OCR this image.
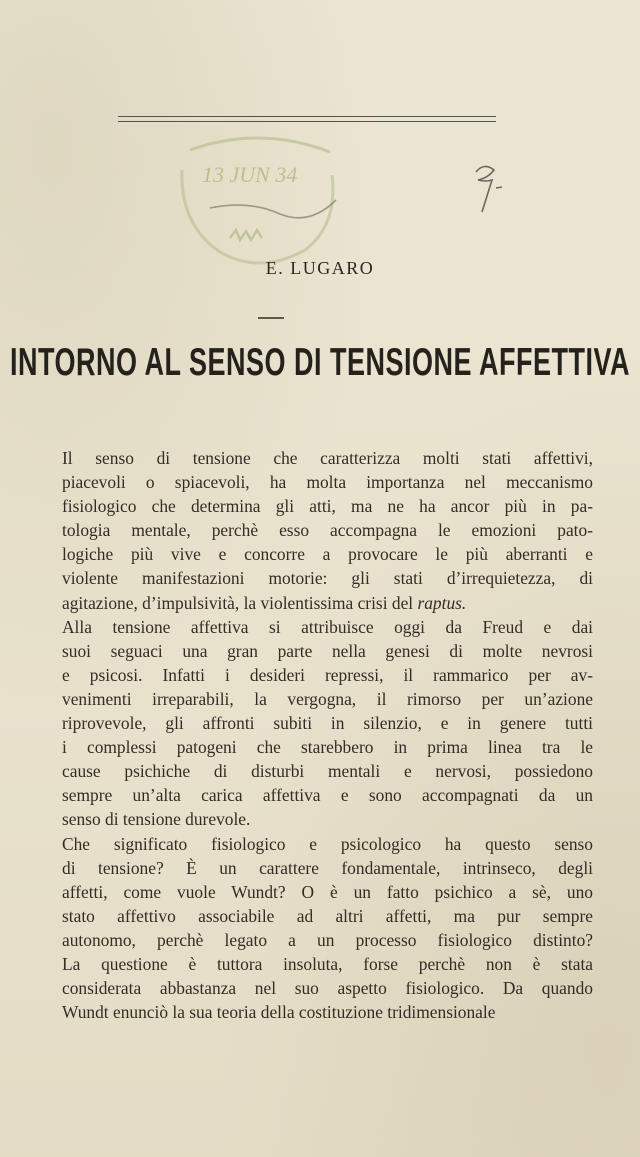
13 JUN 34
E. LUGARO
INTORNO AL SENSO DI TENSIONE AFFETTIVA
Il senso di tensione che caratterizza molti stati affettivi,
piacevoli o spiacevoli, ha molta importanza nel meccanismo
fisiologico che determina gli atti, ma ne ha ancor più in pa-
tologia mentale, perchè esso accompagna le emozioni pato-
logiche più vive e concorre a provocare le più aberranti e
violente manifestazioni motorie: gli stati d’irrequietezza, di
agitazione, d’impulsività, la violentissima crisi del raptus.
Alla tensione affettiva si attribuisce oggi da Freud e dai
suoi seguaci una gran parte nella genesi di molte nevrosi
e psicosi. Infatti i desideri repressi, il rammarico per av-
venimenti irreparabili, la vergogna, il rimorso per un’azione
riprovevole, gli affronti subiti in silenzio, e in genere tutti
i complessi patogeni che starebbero in prima linea tra le
cause psichiche di disturbi mentali e nervosi, possiedono
sempre un’alta carica affettiva e sono accompagnati da un
senso di tensione durevole.
Che significato fisiologico e psicologico ha questo senso
di tensione? È un carattere fondamentale, intrinseco, degli
affetti, come vuole Wundt? O è un fatto psichico a sè, uno
stato affettivo associabile ad altri affetti, ma pur sempre
autonomo, perchè legato a un processo fisiologico distinto?
La questione è tuttora insoluta, forse perchè non è stata
considerata abbastanza nel suo aspetto fisiologico. Da quando
Wundt enunciò la sua teoria della costituzione tridimensionale
